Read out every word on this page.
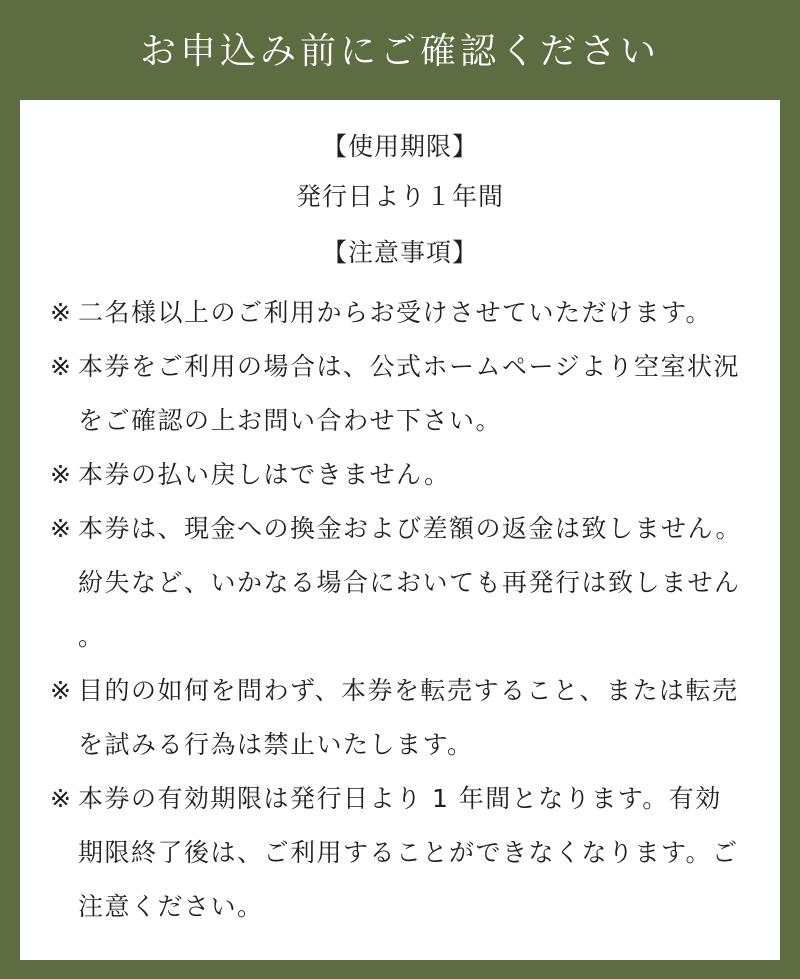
お申込み前にご確認ください

【使用期限】

発行日より１年間

【注意事項】

※ 二名様以上のご利用からお受けさせていただけます。
※ 本券をご利用の場合は、公式ホームページより空室状況をご確認の上お問い合わせ下さい。
※ 本券の払い戻しはできません。
※ 本券は、現金への換金および差額の返金は致しません。紛失など、いかなる場合においても再発行は致しません。
※ 目的の如何を問わず、本券を転売すること、または転売を試みる行為は禁止いたします。
※ 本券の有効期限は発行日より 1 年間となります。有効期限終了後は、ご利用することができなくなります。ご注意ください。
